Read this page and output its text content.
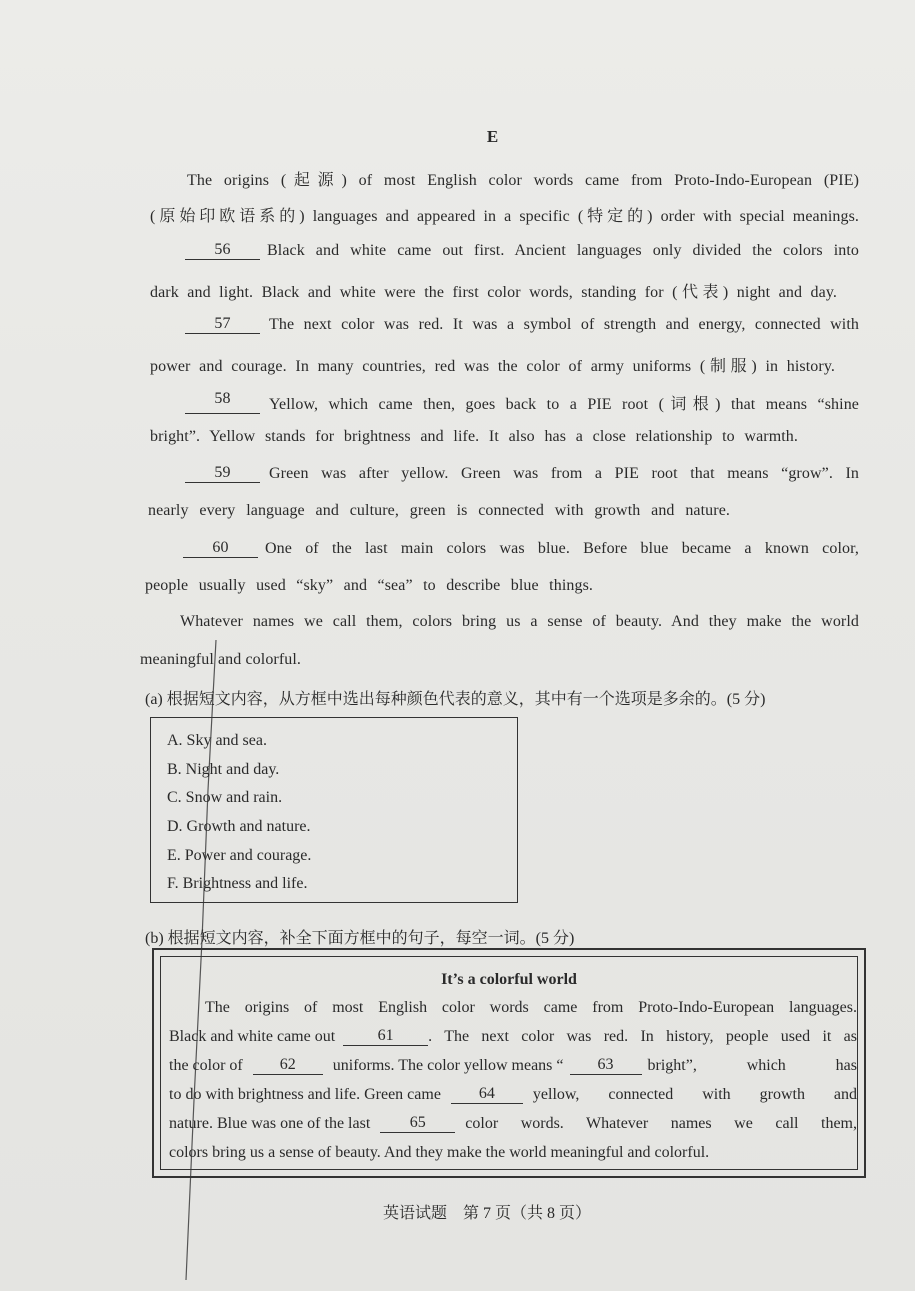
E
The origins (起源) of most English color words came from Proto-Indo-European (PIE)
(原始印欧语系的) languages and appeared in a specific (特定的) order with special meanings.
56	Black and white came out first. Ancient languages only divided the colors into
dark and light. Black and white were the first color words, standing for (代表) night and day.
57	The next color was red. It was a symbol of strength and energy, connected with
power and courage. In many countries, red was the color of army uniforms (制服) in history.
58	Yellow, which came then, goes back to a PIE root (词根) that means “shine
bright”. Yellow stands for brightness and life. It also has a close relationship to warmth.
59	Green was after yellow. Green was from a PIE root that means “grow”. In
nearly every language and culture, green is connected with growth and nature.
60	One of the last main colors was blue. Before blue became a known color,
people usually used “sky” and “sea” to describe blue things.
Whatever names we call them, colors bring us a sense of beauty. And they make the world
meaningful and colorful.
(a) 根据短文内容，从方框中选出每种颜色代表的意义，其中有一个选项是多余的。(5 分)
A. Sky and sea.
B. Night and day.
C. Snow and rain.
D. Growth and nature.
E. Power and courage.
F. Brightness and life.
(b) 根据短文内容，补全下面方框中的句子，每空一词。(5 分)
It’s a colorful world
The origins of most English color words came from Proto-Indo-European languages.
Black and white came out	61	. The next color was red. In history, people used it as
the color of	62	uniforms. The color yellow means “	63	bright”, which has
to do with brightness and life. Green came	64	yellow, connected with growth and
nature. Blue was one of the last	65	color words. Whatever names we call them,
colors bring us a sense of beauty. And they make the world meaningful and colorful.
英语试题　第 7 页（共 8 页）
